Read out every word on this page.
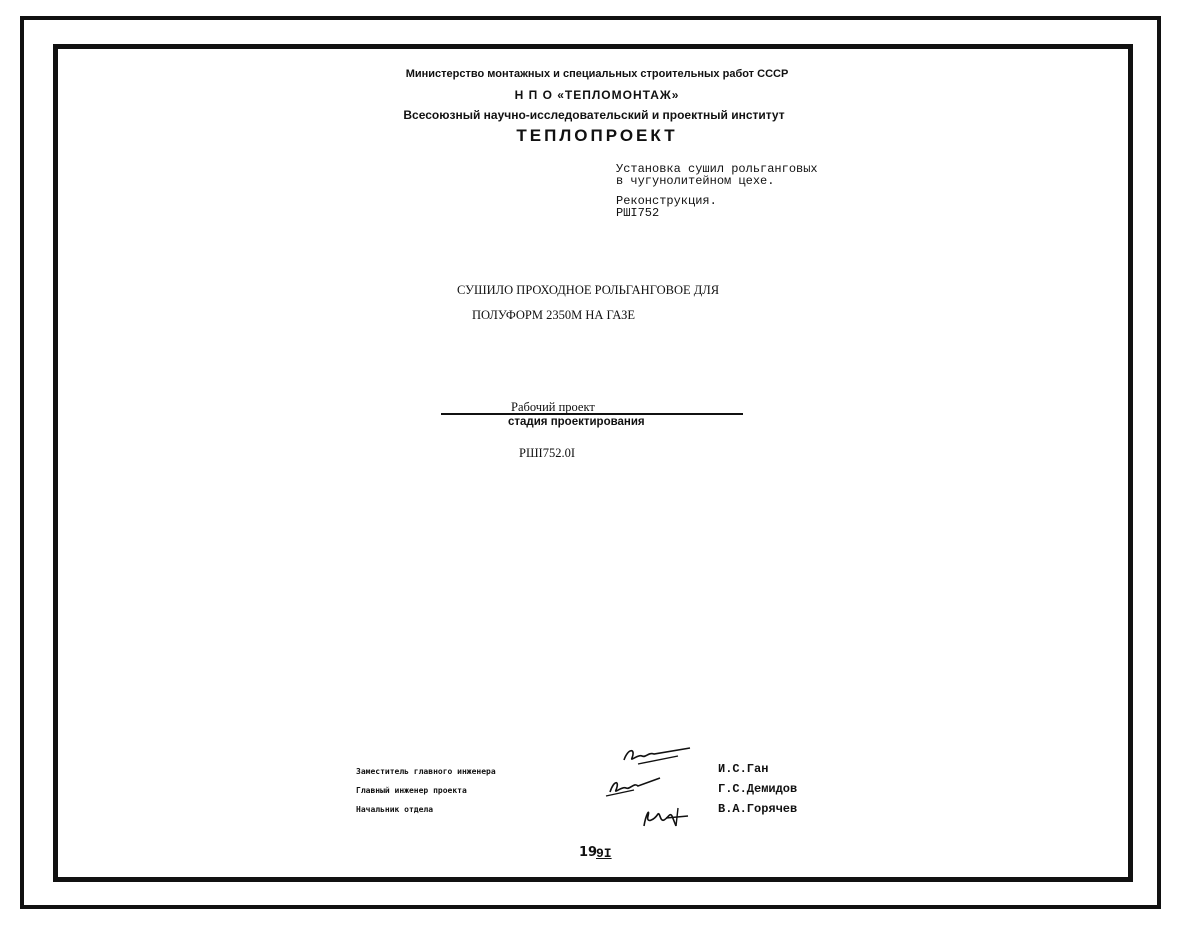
Министерство монтажных и специальных строительных работ СССР
Н П О «ТЕПЛОМОНТАЖ»
Всесоюзный научно-исследовательский и проектный институт
ТЕПЛОПРОЕКТ
Установка сушил рольганговых
в чугунолитейном цехе.
Реконструкция.
РШI752
СУШИЛО ПРОХОДНОЕ РОЛЬГАНГОВОЕ ДЛЯ
ПОЛУФОРМ 2350М НА ГАЗЕ
Рабочий проект
стадия проектирования
РШI752.0I
Заместитель главного инженера
Главный инженер проекта
Начальник отдела
И.С.Ган
Г.С.Демидов
В.А.Горячев
19
9I
